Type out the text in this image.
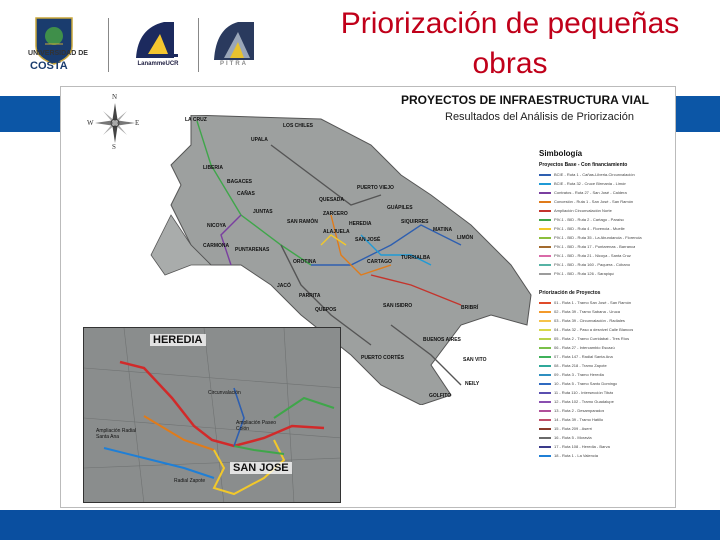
UNIVERSIDAD DE
COSTA	LanammeUCR	PITRA
Priorización de pequeñas obras
PROYECTOS DE INFRAESTRUCTURA VIAL
Resultados del Análisis de Priorización
N
S
E
W	LA CRUZ
UPALA
LOS CHILES
LIBERIA
BAGACES
CAÑAS
JUNTAS
NICOYA
CARMONA
PUNTARENAS
SAN RAMÓN
QUESADA
ZARCERO
PUERTO VIEJO
ALAJUELA
HEREDIA
SAN JOSÉ
SIQUIRRES
GUÁPILES
CARTAGO
TURRIALBA
MATINA
LIMÓN
OROTINA
JACÓ
PARRITA
QUEPOS
SAN ISIDRO	BRIBRÍ
BUENOS AIRES
PUERTO CORTÉS	SAN VITO
GOLFITO
NEILY
HEREDIA
SAN JOSE
Circunvalación
Ampliación Paseo Colón
Radial Zapote
Ampliación Radial Santa Ana
Simbología
Proyectos Base - Con financiamiento
BCIE - Ruta 1 - Cañas-Liberia-Circunvalación
BCIE - Ruta 32 - Cruce Birmania - Limón
Contratos - Ruta 27 - San José - Caldera
Concesión - Ruta 1 - San José - San Ramón
Ampliación Circunvalación Norte
PIV-1 - BID - Ruta 2 - Cartago - Paraíso
PIV-1 - BID - Ruta 4 - Florencia - Muelle
PIV-1 - BID - Ruta 35 - La Abundancia - Florencia
PIV-1 - BID - Ruta 17 - Puntarenas - Barranca
PIV-1 - BID - Ruta 21 - Nicoya - Santa Cruz
PIV-1 - BID - Ruta 160 - Paquera - Cóbano
PIV-1 - BID - Ruta 126 - Sarapiquí
Priorización de Proyectos
01 - Ruta 1 - Tramo San José - San Ramón
02 - Ruta 39 - Tramo Sabana - Uruca
03 - Ruta 39 - Circunvalación - Radiales
04 - Ruta 32 - Paso a desnivel Calle Blancos
05 - Ruta 2 - Tramo Curridabat - Tres Ríos
06 - Ruta 27 - Intercambio Escazú
07 - Ruta 147 - Radial Santa Ana
08 - Ruta 218 - Tramo Zapote
09 - Ruta 3 - Tramo Heredia
10 - Ruta 5 - Tramo Santo Domingo
11 - Ruta 110 - Intersección Tibás
12 - Ruta 102 - Tramo Guadalupe
13 - Ruta 2 - Desamparados
14 - Ruta 39 - Tramo Hatillo
15 - Ruta 209 - Aserrí
16 - Ruta 5 - Moravia
17 - Ruta 108 - Heredia - Barva
18 - Ruta 1 - La Valencia
